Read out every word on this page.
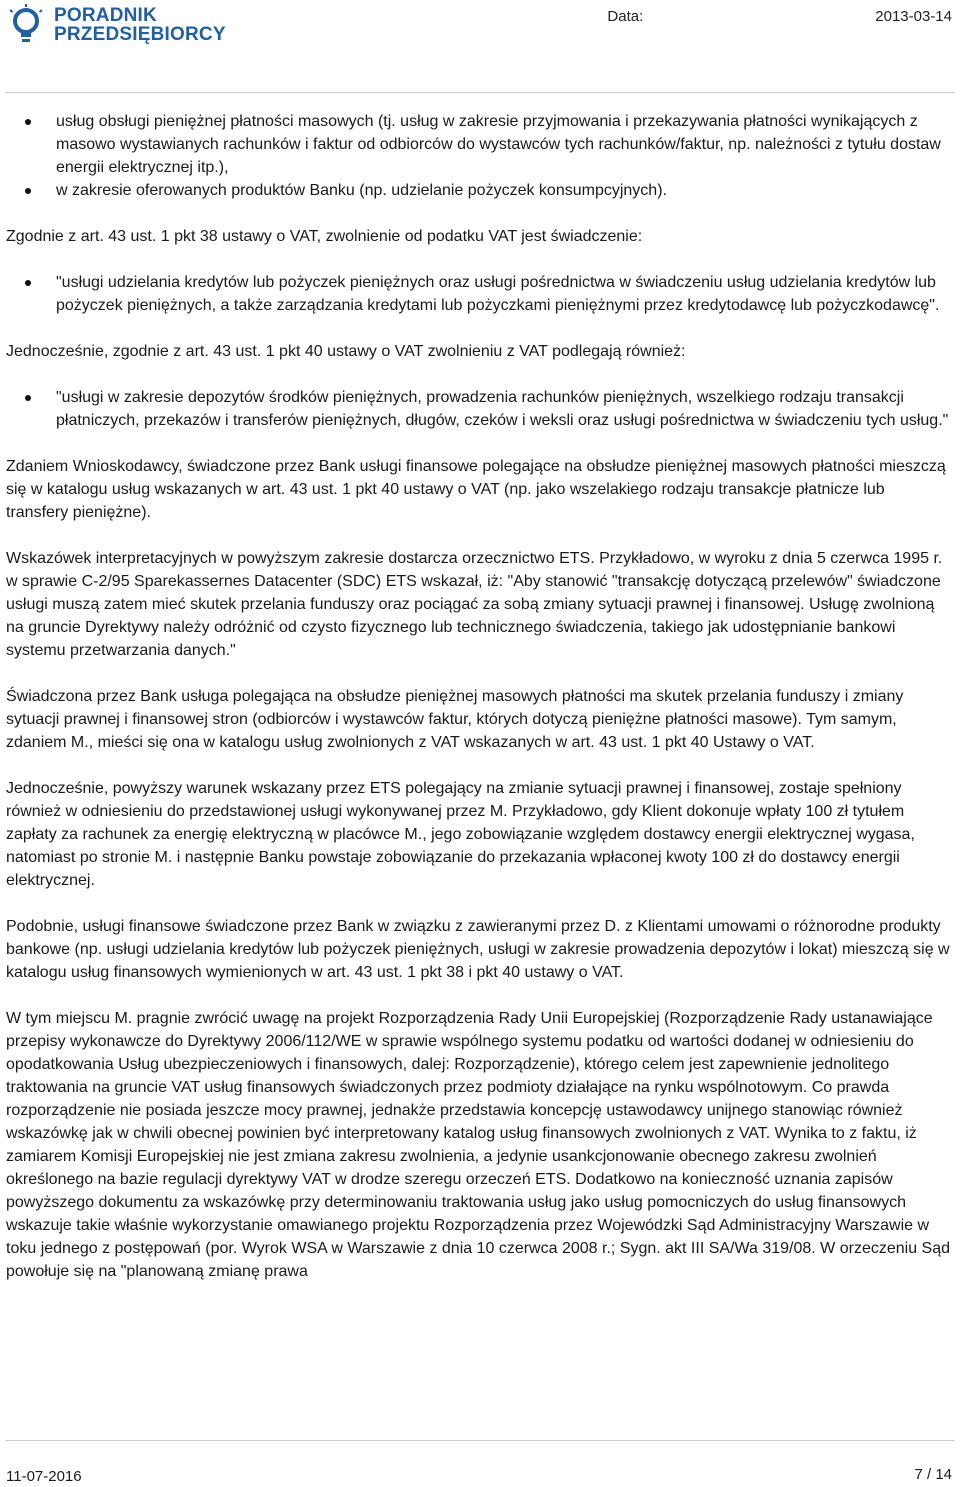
PORADNIK
PRZEDSIĘBIORCY
Data:	2013-03-14
usług obsługi pieniężnej płatności masowych (tj. usług w zakresie przyjmowania i przekazywania płatności wynikających z masowo wystawianych rachunków i faktur od odbiorców do wystawców tych rachunków/faktur, np. należności z tytułu dostaw energii elektrycznej itp.),
w zakresie oferowanych produktów Banku (np. udzielanie pożyczek konsumpcyjnych).

Zgodnie z art. 43 ust. 1 pkt 38 ustawy o VAT, zwolnienie od podatku VAT jest świadczenie:

"usługi udzielania kredytów lub pożyczek pieniężnych oraz usługi pośrednictwa w świadczeniu usług udzielania kredytów lub pożyczek pieniężnych, a także zarządzania kredytami lub pożyczkami pieniężnymi przez kredytodawcę lub pożyczkodawcę".

Jednocześnie, zgodnie z art. 43 ust. 1 pkt 40 ustawy o VAT zwolnieniu z VAT podlegają również:

"usługi w zakresie depozytów środków pieniężnych, prowadzenia rachunków pieniężnych, wszelkiego rodzaju transakcji płatniczych, przekazów i transferów pieniężnych, długów, czeków i weksli oraz usługi pośrednictwa w świadczeniu tych usług."

Zdaniem Wnioskodawcy, świadczone przez Bank usługi finansowe polegające na obsłudze pieniężnej masowych płatności mieszczą się w katalogu usług wskazanych w art. 43 ust. 1 pkt 40 ustawy o VAT (np. jako wszelakiego rodzaju transakcje płatnicze lub transfery pieniężne).

Wskazówek interpretacyjnych w powyższym zakresie dostarcza orzecznictwo ETS. Przykładowo, w wyroku z dnia 5 czerwca 1995 r. w sprawie C-2/95 Sparekassernes Datacenter (SDC) ETS wskazał, iż: "Aby stanowić "transakcję dotyczącą przelewów" świadczone usługi muszą zatem mieć skutek przelania funduszy oraz pociągać za sobą zmiany sytuacji prawnej i finansowej. Usługę zwolnioną na gruncie Dyrektywy należy odróżnić od czysto fizycznego lub technicznego świadczenia, takiego jak udostępnianie bankowi systemu przetwarzania danych."

Świadczona przez Bank usługa polegająca na obsłudze pieniężnej masowych płatności ma skutek przelania funduszy i zmiany sytuacji prawnej i finansowej stron (odbiorców i wystawców faktur, których dotyczą pieniężne płatności masowe). Tym samym, zdaniem M., mieści się ona w katalogu usług zwolnionych z VAT wskazanych w art. 43 ust. 1 pkt 40 Ustawy o VAT.

Jednocześnie, powyższy warunek wskazany przez ETS polegający na zmianie sytuacji prawnej i finansowej, zostaje spełniony również w odniesieniu do przedstawionej usługi wykonywanej przez M. Przykładowo, gdy Klient dokonuje wpłaty 100 zł tytułem zapłaty za rachunek za energię elektryczną w placówce M., jego zobowiązanie względem dostawcy energii elektrycznej wygasa, natomiast po stronie M. i następnie Banku powstaje zobowiązanie do przekazania wpłaconej kwoty 100 zł do dostawcy energii elektrycznej.

Podobnie, usługi finansowe świadczone przez Bank w związku z zawieranymi przez D. z Klientami umowami o różnorodne produkty bankowe (np. usługi udzielania kredytów lub pożyczek pieniężnych, usługi w zakresie prowadzenia depozytów i lokat) mieszczą się w katalogu usług finansowych wymienionych w art. 43 ust. 1 pkt 38 i pkt 40 ustawy o VAT.

W tym miejscu M. pragnie zwrócić uwagę na projekt Rozporządzenia Rady Unii Europejskiej (Rozporządzenie Rady ustanawiające przepisy wykonawcze do Dyrektywy 2006/112/WE w sprawie wspólnego systemu podatku od wartości dodanej w odniesieniu do opodatkowania Usług ubezpieczeniowych i finansowych, dalej: Rozporządzenie), którego celem jest zapewnienie jednolitego traktowania na gruncie VAT usług finansowych świadczonych przez podmioty działające na rynku wspólnotowym. Co prawda rozporządzenie nie posiada jeszcze mocy prawnej, jednakże przedstawia koncepcję ustawodawcy unijnego stanowiąc również wskazówkę jak w chwili obecnej powinien być interpretowany katalog usług finansowych zwolnionych z VAT. Wynika to z faktu, iż zamiarem Komisji Europejskiej nie jest zmiana zakresu zwolnienia, a jedynie usankcjonowanie obecnego zakresu zwolnień określonego na bazie regulacji dyrektywy VAT w drodze szeregu orzeczeń ETS. Dodatkowo na konieczność uznania zapisów powyższego dokumentu za wskazówkę przy determinowaniu traktowania usług jako usług pomocniczych do usług finansowych wskazuje takie właśnie wykorzystanie omawianego projektu Rozporządzenia przez Wojewódzki Sąd Administracyjny Warszawie w toku jednego z postępowań (por. Wyrok WSA w Warszawie z dnia 10 czerwca 2008 r.; Sygn. akt III SA/Wa 319/08. W orzeczeniu Sąd powołuje się na "planowaną zmianę prawa

11-07-2016	7 / 14
